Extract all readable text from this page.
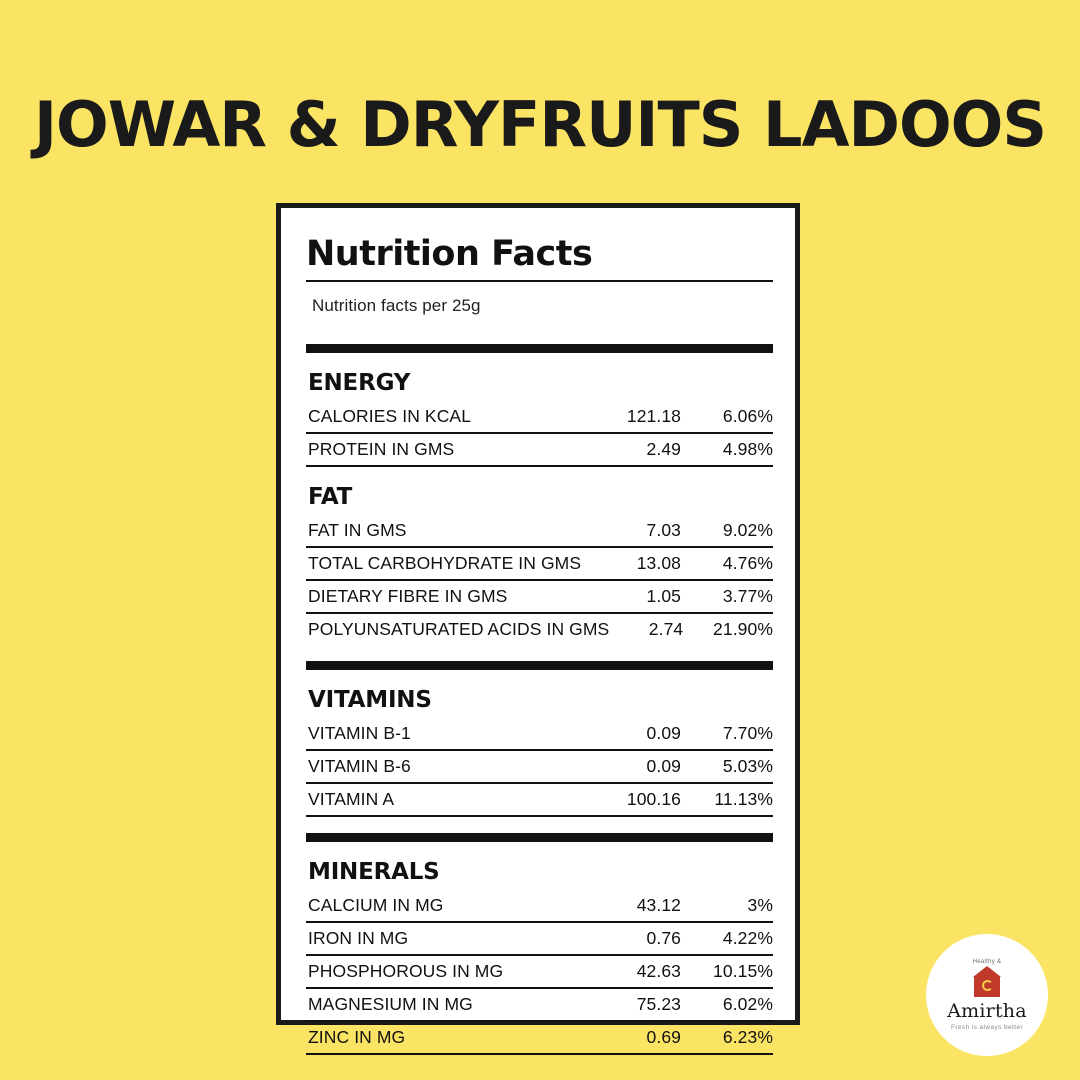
JOWAR & DRYFRUITS LADOOS
Nutrition Facts
Nutrition facts per 25g
ENERGY
CALORIES IN KCAL	121.18	6.06%
PROTEIN IN GMS	2.49	4.98%
FAT
FAT IN GMS	7.03	9.02%
TOTAL CARBOHYDRATE IN GMS	13.08	4.76%
DIETARY FIBRE IN GMS	1.05	3.77%
POLYUNSATURATED ACIDS IN GMS	2.74	21.90%
VITAMINS
VITAMIN B-1	0.09	7.70%
VITAMIN B-6	0.09	5.03%
VITAMIN A	100.16	11.13%
MINERALS
CALCIUM IN MG	43.12	3%
IRON IN MG	0.76	4.22%
PHOSPHOROUS IN MG	42.63	10.15%
MAGNESIUM IN MG	75.23	6.02%
ZINC IN MG	0.69	6.23%
Healthy &
Amirtha
Fresh is always better
